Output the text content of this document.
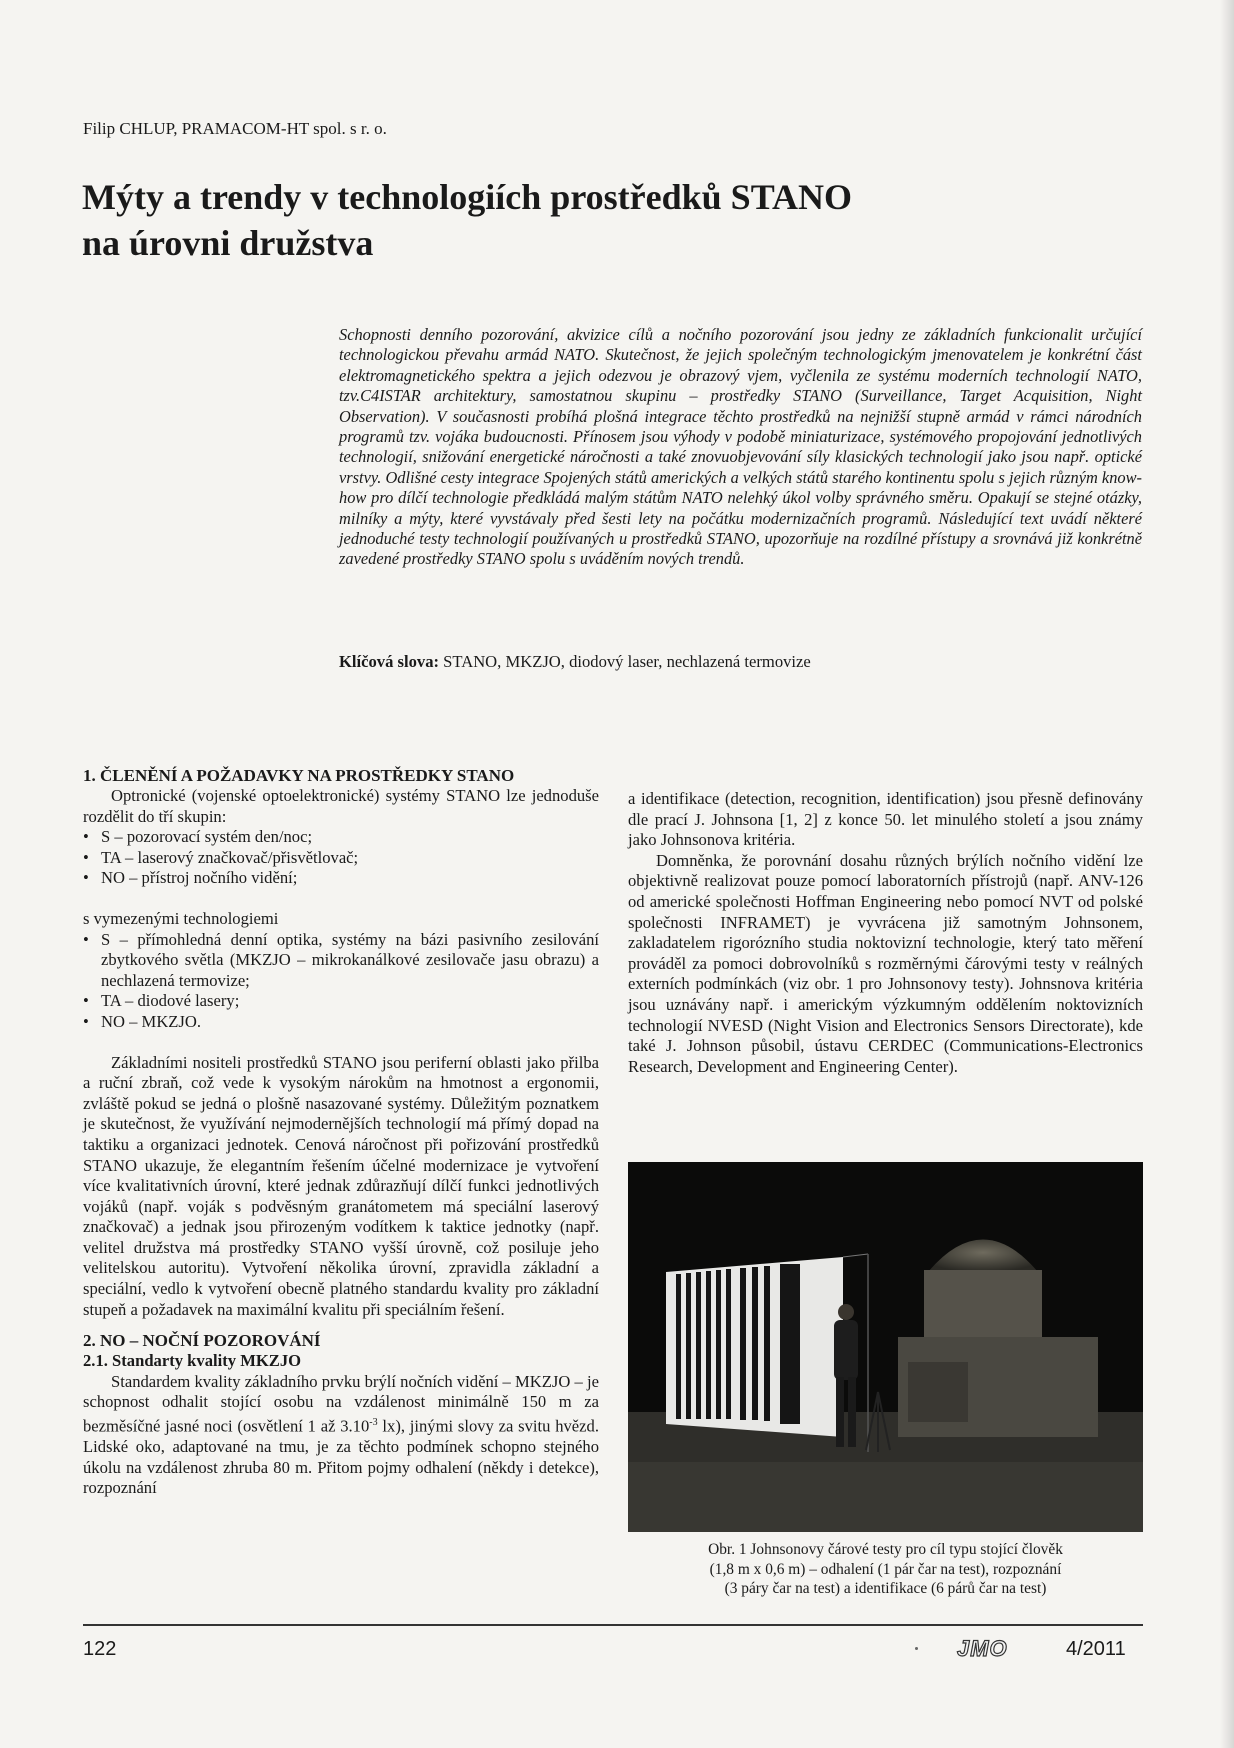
Filip CHLUP, PRAMACOM-HT spol. s r. o.
Mýty a trendy v technologiích prostředků STANO
na úrovni družstva

Schopnosti denního pozorování, akvizice cílů a nočního pozorování jsou jedny ze základních funkcionalit určující technologickou převahu armád NATO. Skutečnost, že jejich společným technologickým jmenovatelem je konkrétní část elektromagnetického spektra a jejich odezvou je obrazový vjem, vyčlenila ze systému moderních technologií NATO, tzv.C4ISTAR architektury, samostatnou skupinu – prostředky STANO (Surveillance, Target Acquisition, Night Observation). V současnosti probíhá plošná integrace těchto prostředků na nejnižší stupně armád v rámci národních programů tzv. vojáka budoucnosti. Přínosem jsou výhody v podobě miniaturizace, systémového propojování jednotlivých technologií, snižování energetické náročnosti a také znovuobjevování síly klasických technologií jako jsou např. optické vrstvy. Odlišné cesty integrace Spojených států amerických a velkých států starého kontinentu spolu s jejich různým know-how pro dílčí technologie předkládá malým státům NATO nelehký úkol volby správného směru. Opakují se stejné otázky, milníky a mýty, které vyvstávaly před šesti lety na počátku modernizačních programů. Následující text uvádí některé jednoduché testy technologií používaných u prostředků STANO, upozorňuje na rozdílné přístupy a srovnává již konkrétně zavedené prostředky STANO spolu s uváděním nových trendů.

Klíčová slova: STANO, MKZJO, diodový laser, nechlazená termovize
1. ČLENĚNÍ A POŽADAVKY NA PROSTŘEDKY STANO

Optronické (vojenské optoelektronické) systémy STANO lze jednoduše rozdělit do tří skupin:

• S – pozorovací systém den/noc;
• TA – laserový značkovač/přisvětlovač;
• NO – přístroj nočního vidění;

s vymezenými technologiemi

• S – přímohledná denní optika, systémy na bázi pasivního zesilování zbytkového světla (MKZJO – mikrokanálkové zesilovače jasu obrazu) a nechlazená termovize;
• TA – diodové lasery;
• NO – MKZJO.

Základními nositeli prostředků STANO jsou periferní oblasti jako přilba a ruční zbraň, což vede k vysokým nárokům na hmotnost a ergonomii, zvláště pokud se jedná o plošně nasazované systémy. Důležitým poznatkem je skutečnost, že využívání nejmodernějších technologií má přímý dopad na taktiku a organizaci jednotek. Cenová náročnost při pořizování prostředků STANO ukazuje, že elegantním řešením účelné modernizace je vytvoření více kvalitativních úrovní, které jednak zdůrazňují dílčí funkci jednotlivých vojáků (např. voják s podvěsným granátometem má speciální laserový značkovač) a jednak jsou přirozeným vodítkem k taktice jednotky (např. velitel družstva má prostředky STANO vyšší úrovně, což posiluje jeho velitelskou autoritu). Vytvoření několika úrovní, zpravidla základní a speciální, vedlo k vytvoření obecně platného standardu kvality pro základní stupeň a požadavek na maximální kvalitu při speciálním řešení.

2. NO – NOČNÍ POZOROVÁNÍ
2.1. Standarty kvality MKZJO

Standardem kvality základního prvku brýlí nočních vidění – MKZJO – je schopnost odhalit stojící osobu na vzdálenost minimálně 150 m za bezměsíčné jasné noci (osvětlení 1 až $3.10^{-3}$ lx), jinými slovy za svitu hvězd. Lidské oko, adaptované na tmu, je za těchto podmínek schopno stejného úkolu na vzdálenost zhruba 80 m. Přitom pojmy odhalení (někdy i detekce), rozpoznání

a identifikace (detection, recognition, identification) jsou přesně definovány dle prací J. Johnsona [1, 2] z konce 50. let minulého století a jsou známy jako Johnsonova kritéria.

Domněnka, že porovnání dosahu různých brýlích nočního vidění lze objektivně realizovat pouze pomocí laboratorních přístrojů (např. ANV-126 od americké společnosti Hoffman Engineering nebo pomocí NVT od polské společnosti INFRAMET) je vyvrácena již samotným Johnsonem, zakladatelem rigorózního studia noktovizní technologie, který tato měření prováděl za pomoci dobrovolníků s rozměrnými čárovými testy v reálných externích podmínkách (viz obr. 1 pro Johnsonovy testy). Johnsnova kritéria jsou uznávány např. i americkým výzkumným oddělením noktovizních technologií NVESD (Night Vision and Electronics Sensors Directorate), kde také J. Johnson působil, ústavu CERDEC (Communications-Electronics Research, Development and Engineering Center).

Obr. 1 Johnsonovy čárové testy pro cíl typu stojící člověk
(1,8 m x 0,6 m) – odhalení (1 pár čar na test), rozpoznání
(3 páry čar na test) a identifikace (6 párů čar na test)
122	JMO	4/2011
